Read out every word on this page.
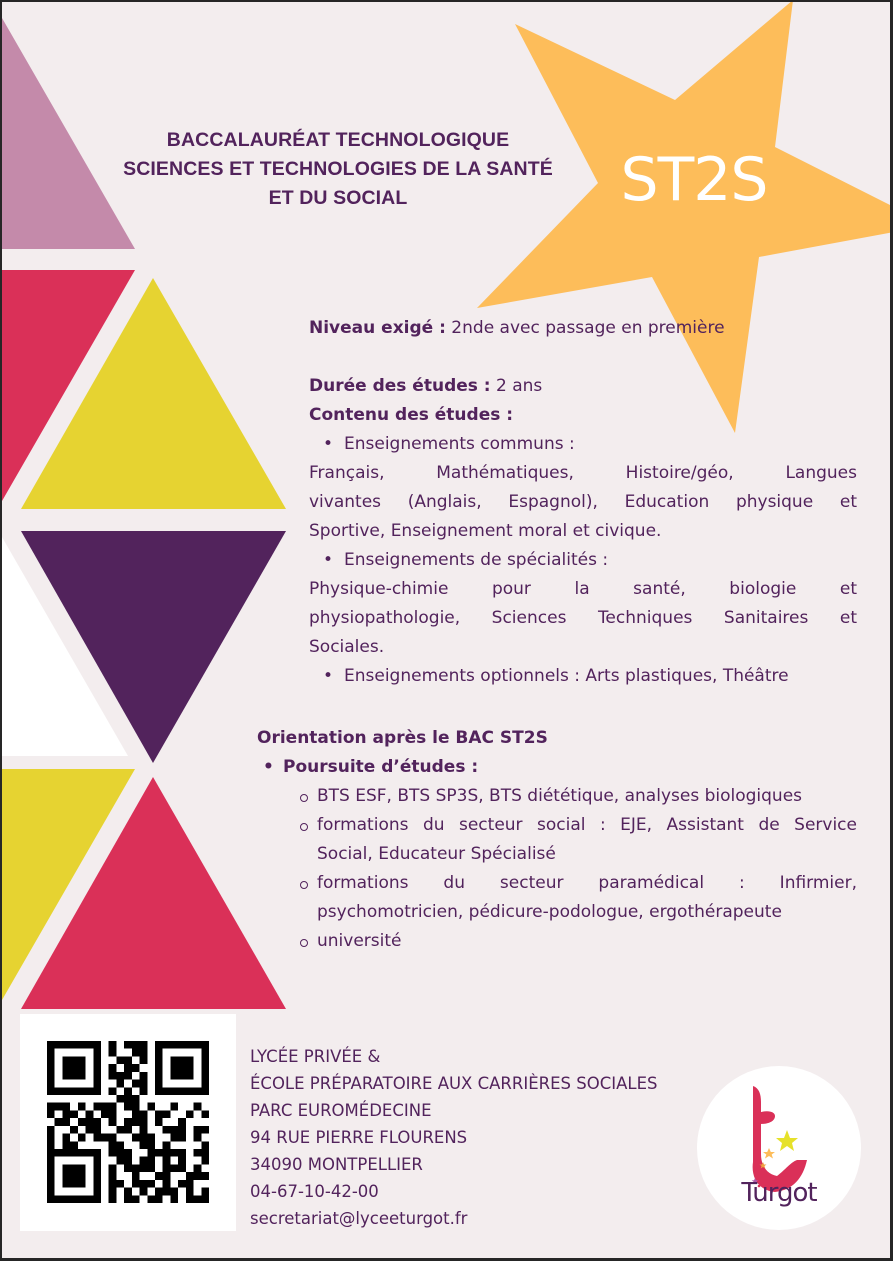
BACCALAURÉAT TECHNOLOGIQUE
SCIENCES ET TECHNOLOGIES DE LA SANTÉ
ET DU SOCIAL	ST2S
Niveau exigé : 2nde avec passage en première
Durée des études : 2 ans
Contenu des études :
• Enseignements communs :
Français, Mathématiques, Histoire/géo, Langues
vivantes (Anglais, Espagnol), Education physique et
Sportive, Enseignement moral et civique.
• Enseignements de spécialités :
Physique-chimie pour la santé, biologie et
physiopathologie, Sciences Techniques Sanitaires et
Sociales.
• Enseignements optionnels : Arts plastiques, Théâtre
Orientation après le BAC ST2S
• Poursuite d’études :
BTS ESF, BTS SP3S, BTS diététique, analyses biologiques
formations du secteur social : EJE, Assistant de Service
Social, Educateur Spécialisé
formations du secteur paramédical : Infirmier,
psychomotricien, pédicure-podologue, ergothérapeute
université
LYCÉE PRIVÉE &
ÉCOLE PRÉPARATOIRE AUX CARRIÈRES SOCIALES
PARC EUROMÉDECINE
94 RUE PIERRE FLOURENS
34090 MONTPELLIER
04-67-10-42-00
secretariat@lyceeturgot.fr
Turgot
